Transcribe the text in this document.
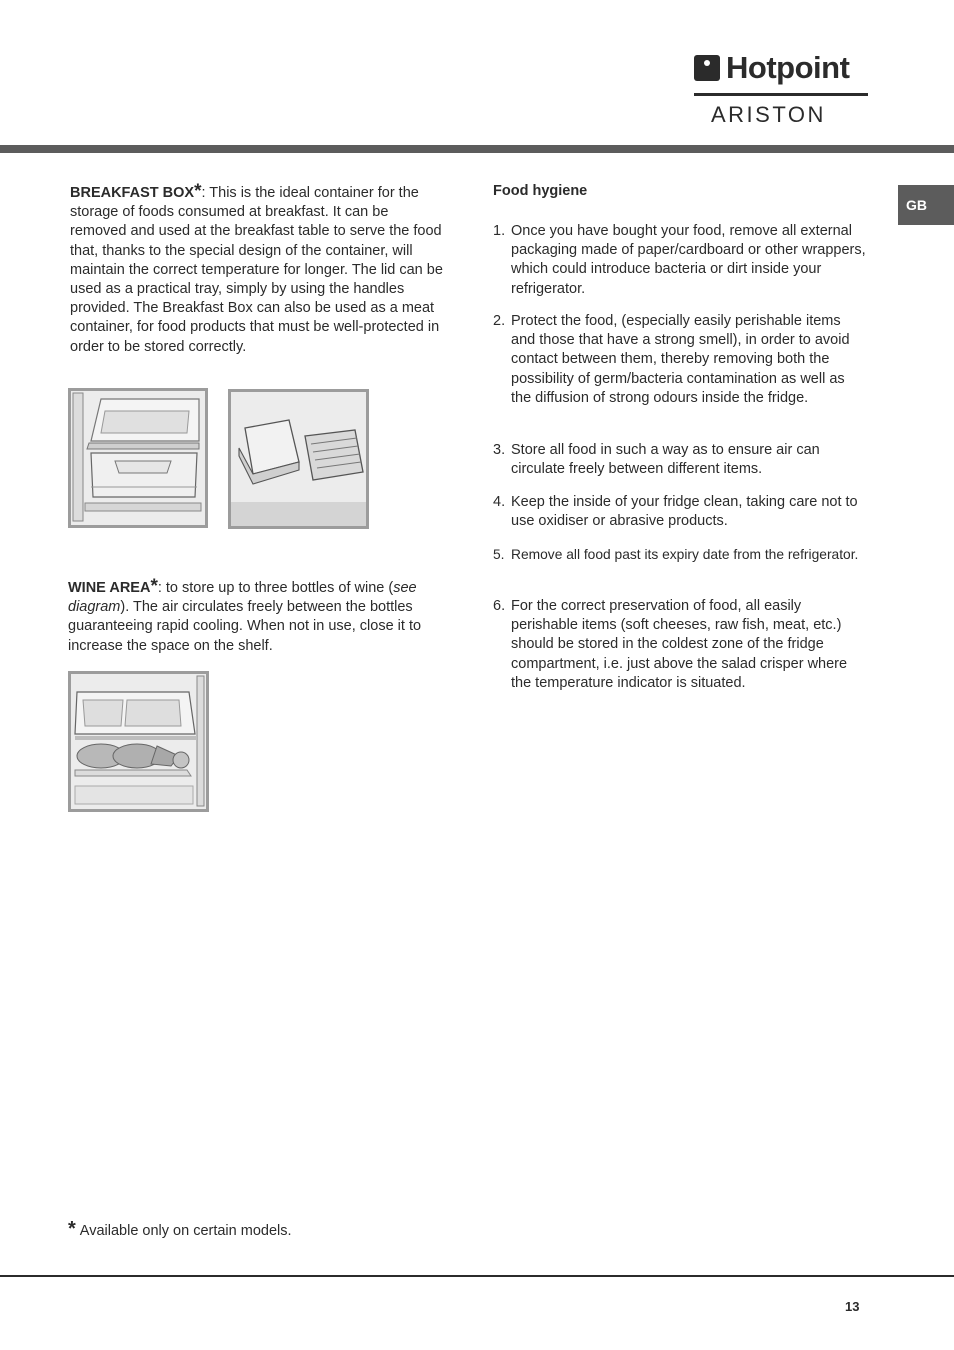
Hotpoint
ARISTON
GB
BREAKFAST BOX*: This is the ideal container for the storage of foods consumed at breakfast. It can be removed and used at the breakfast table to serve the food that, thanks to the special design of the container, will maintain the correct temperature for longer. The lid can be used as a practical tray, simply by using the handles provided. The Breakfast Box can also be used as a meat container, for food products that must be well-protected in order to be stored correctly.
WINE AREA*: to store up to three bottles of wine (see diagram). The air circulates freely between the bottles guaranteeing rapid cooling. When not in use, close it to increase the space on the shelf.
Food hygiene
1. Once you have bought your food, remove all external packaging made of paper/cardboard or other wrappers, which could introduce bacteria or dirt inside your refrigerator.
2. Protect the food, (especially easily perishable items and those that have a strong smell), in order to avoid contact between them, thereby removing both the possibility of germ/bacteria contamination as well as the diffusion of strong odours inside the fridge.
3. Store all food in such a way as to ensure air can circulate freely between different items.
4. Keep the inside of your fridge clean, taking care not to use oxidiser or abrasive products.
5. Remove all food past its expiry date from the refrigerator.
6. For the correct preservation of food, all easily perishable items (soft cheeses, raw fish, meat, etc.) should be stored in the coldest zone of the fridge compartment, i.e. just above the salad crisper where the temperature indicator is situated.
* Available only on certain models.
13
